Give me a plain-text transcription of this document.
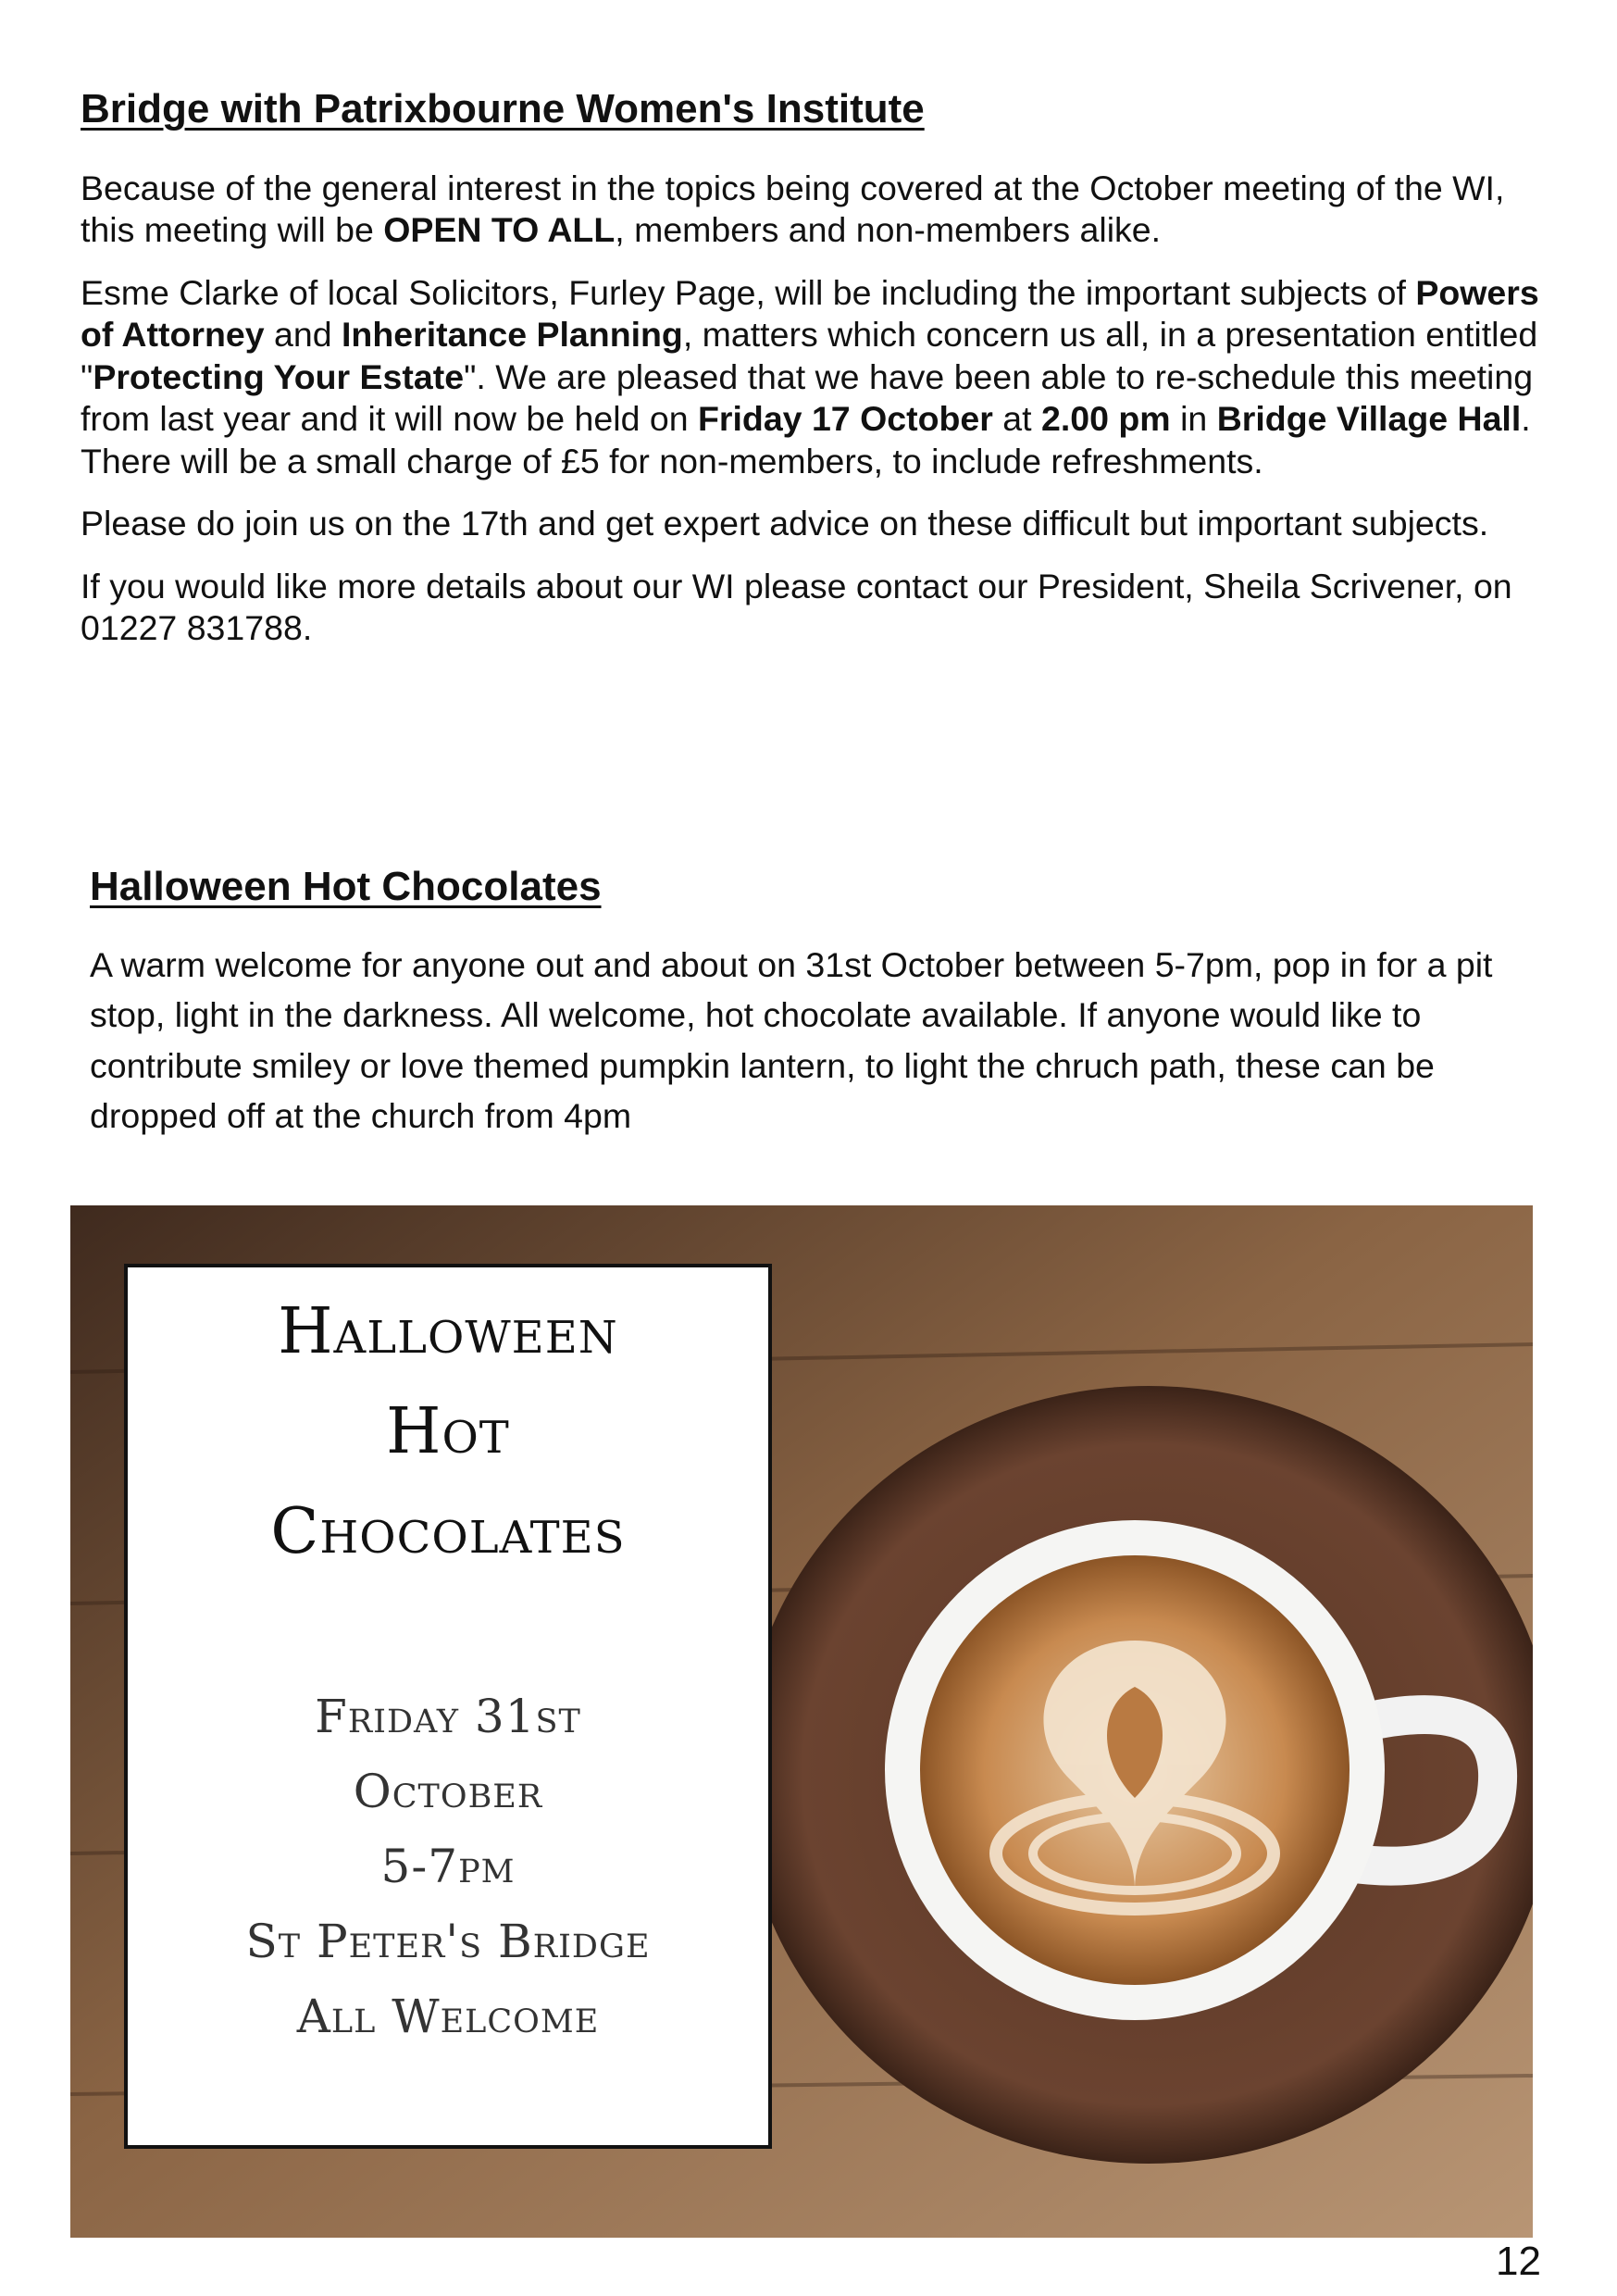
Bridge with Patrixbourne Women's Institute

Because of the general interest in the topics being covered at the October meeting of the WI, this meeting will be OPEN TO ALL, members and non-members alike.

Esme Clarke of local Solicitors, Furley Page, will be including the important subjects of Powers of Attorney and Inheritance Planning, matters which concern us all, in a presentation entitled "Protecting Your Estate". We are pleased that we have been able to re-schedule this meeting from last year and it will now be held on Friday 17 October at 2.00 pm in Bridge Village Hall. There will be a small charge of £5 for non-members, to include refreshments.

Please do join us on the 17th and get expert advice on these difficult but important subjects.

If you would like more details about our WI please contact our President, Sheila Scrivener, on 01227 831788.

Halloween Hot Chocolates

A warm welcome for anyone out and about on 31st October between 5-7pm, pop in for a pit stop, light in the darkness. All welcome, hot chocolate available. If anyone would like to contribute smiley or love themed pumpkin lantern, to light the chruch path, these can be dropped off at the church from 4pm

Halloween
Hot
Chocolates
Friday 31st
October
5-7pm
St Peter's Bridge
All Welcome
12
